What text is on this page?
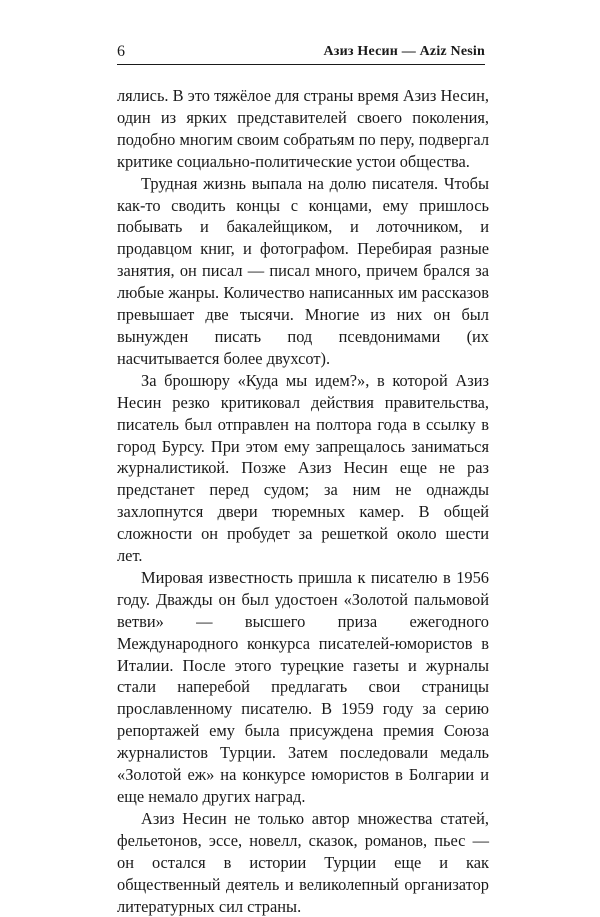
6	Азиз Несин — Aziz Nesin

лялись. В это тяжёлое для страны время Азиз Несин, один из ярких представителей своего поколения, подобно многим своим собратьям по перу, подвергал критике социально-политические устои общества.

Трудная жизнь выпала на долю писателя. Чтобы как-то сводить концы с концами, ему пришлось побывать и бакалейщиком, и лоточником, и продавцом книг, и фотографом. Перебирая разные занятия, он писал — писал много, причем брался за любые жанры. Количество написанных им рассказов превышает две тысячи. Многие из них он был вынужден писать под псевдонимами (их насчитывается более двухсот).

За брошюру «Куда мы идем?», в которой Азиз Несин резко критиковал действия правительства, писатель был отправлен на полтора года в ссылку в город Бурсу. При этом ему запрещалось заниматься журналистикой. Позже Азиз Несин еще не раз предстанет перед судом; за ним не однажды захлопнутся двери тюремных камер. В общей сложности он пробудет за решеткой около шести лет.

Мировая известность пришла к писателю в 1956 году. Дважды он был удостоен «Золотой пальмовой ветви» — высшего приза ежегодного Международного конкурса писателей-юмористов в Италии. После этого турецкие газеты и журналы стали наперебой предлагать свои страницы прославленному писателю. В 1959 году за серию репортажей ему была присуждена премия Союза журналистов Турции. Затем последовали медаль «Золотой еж» на конкурсе юмористов в Болгарии и еще немало других наград.

Азиз Несин не только автор множества статей, фельетонов, эссе, новелл, сказок, романов, пьес — он остался в истории Турции еще и как общественный деятель и великолепный организатор литературных сил страны.
